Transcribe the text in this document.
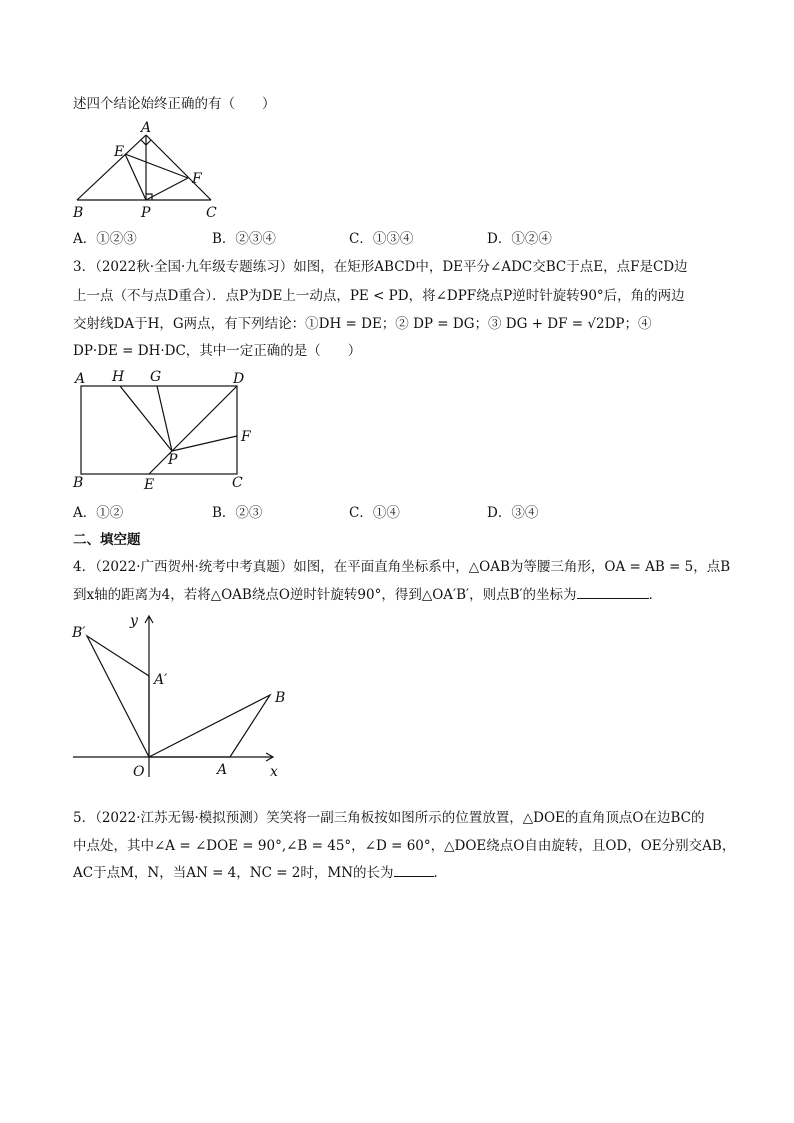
述四个结论始终正确的有（　　）
A
E
F
B	P	C
A．①②③	B．②③④	C．①③④	D．①②④
3．（2022秋·全国·九年级专题练习）如图，在矩形ABCD中，DE平分∠ADC交BC于点E，点F是CD边
上一点（不与点D重合）．点P为DE上一动点，PE < PD，将∠DPF绕点P逆时针旋转90°后，角的两边
交射线DA于H，G两点，有下列结论：①DH = DE；② DP = DG；③ DG + DF = √2DP；④
DP·DE = DH·DC，其中一定正确的是（　　）
A H G	D
F
P
B	E	C
A．①②	B．②③	C．①④	D．③④
二、填空题
4．（2022·广西贺州·统考中考真题）如图，在平面直角坐标系中，△OAB为等腰三角形，OA = AB = 5，点B
到x轴的距离为4，若将△OAB绕点O逆时针旋转90°，得到△OA′B′，则点B′的坐标为	．
B′
y
A′
B
O	A	x
5．（2022·江苏无锡·模拟预测）笑笑将一副三角板按如图所示的位置放置，△DOE的直角顶点O在边BC的
中点处，其中∠A = ∠DOE = 90°,∠B = 45°，∠D = 60°，△DOE绕点O自由旋转，且OD，OE分别交AB，
AC于点M，N，当AN = 4，NC = 2时，MN的长为	．
